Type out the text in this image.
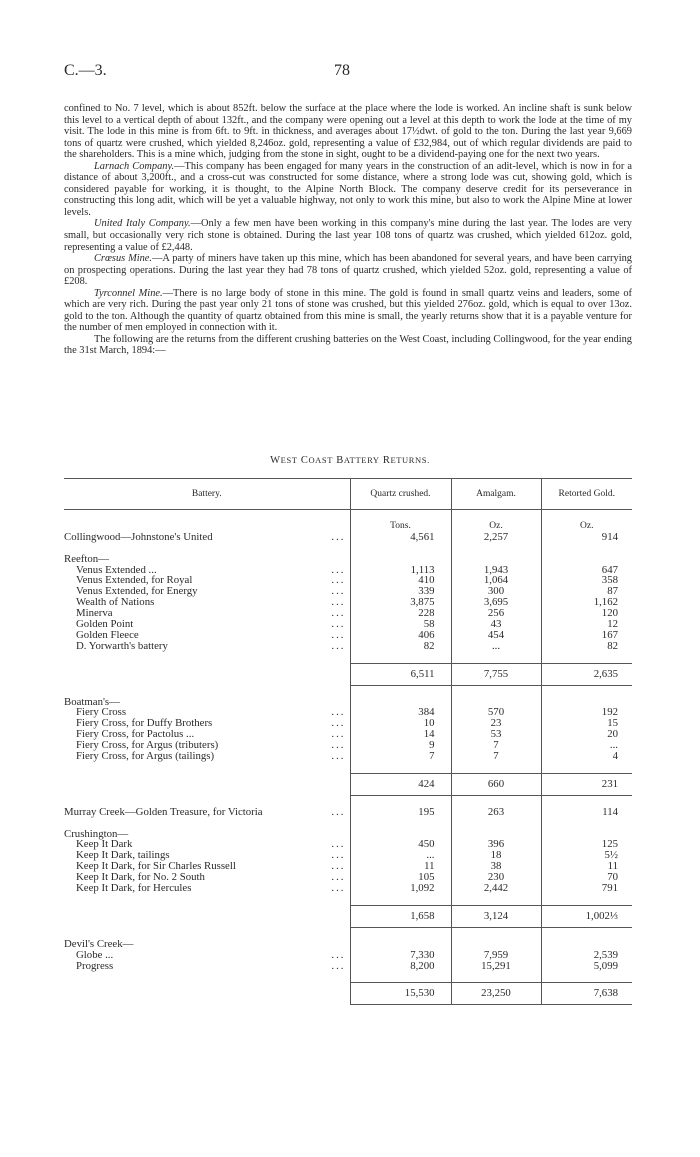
C.—3.	78

confined to No. 7 level, which is about 852ft. below the surface at the place where the lode is worked. An incline shaft is sunk below this level to a vertical depth of about 132ft., and the company were opening out a level at this depth to work the lode at the time of my visit. The lode in this mine is from 6ft. to 9ft. in thickness, and averages about 17½dwt. of gold to the ton. During the last year 9,669 tons of quartz were crushed, which yielded 8,246oz. gold, representing a value of £32,984, out of which regular dividends are paid to the shareholders. This is a mine which, judging from the stone in sight, ought to be a dividend-paying one for the next two years.

Larnach Company.—This company has been engaged for many years in the construction of an adit-level, which is now in for a distance of about 3,200ft., and a cross-cut was constructed for some distance, where a strong lode was cut, showing gold, which is considered payable for working, it is thought, to the Alpine North Block. The company deserve credit for its perseverance in constructing this long adit, which will be yet a valuable highway, not only to work this mine, but also to work the Alpine Mine at lower levels.

United Italy Company.—Only a few men have been working in this company's mine during the last year. The lodes are very small, but occasionally very rich stone is obtained. During the last year 108 tons of quartz was crushed, which yielded 612oz. gold, representing a value of £2,448.

Crœsus Mine.—A party of miners have taken up this mine, which has been abandoned for several years, and have been carrying on prospecting operations. During the last year they had 78 tons of quartz crushed, which yielded 52oz. gold, representing a value of £208.

Tyrconnel Mine.—There is no large body of stone in this mine. The gold is found in small quartz veins and leaders, some of which are very rich. During the past year only 21 tons of stone was crushed, but this yielded 276oz. gold, which is equal to over 13oz. gold to the ton. Although the quantity of quartz obtained from this mine is small, the yearly returns show that it is a payable venture for the number of men employed in connection with it.

The following are the returns from the different crushing batteries on the West Coast, including Collingwood, for the year ending the 31st March, 1894:—

WEST COAST BATTERY RETURNS.
Battery.	Quartz crushed.	Amalgam.	Retorted Gold.

	Tons.	Oz.	Oz.

Collingwood—Johnstone's United ...	4,561	2,257	914

Reefton—			

Venus Extended ... ...	1,113	1,943	647

Venus Extended, for Royal ...	410	1,064	358

Venus Extended, for Energy ...	339	300	87

Wealth of Nations ...	3,875	3,695	1,162

Minerva ...	228	256	120

Golden Point ...	58	43	12

Golden Fleece ...	406	454	167

D. Yorwarth's battery ...	82	...	82

	6,511	7,755	2,635

Boatman's—			

Fiery Cross ...	384	570	192

Fiery Cross, for Duffy Brothers ...	10	23	15

Fiery Cross, for Pactolus ... ...	14	53	20

Fiery Cross, for Argus (tributers) ...	9	7	...

Fiery Cross, for Argus (tailings) ...	7	7	4

	424	660	231

Murray Creek—Golden Treasure, for Victoria ...	195	263	114

Crushington—			

Keep It Dark ...	450	396	125

Keep It Dark, tailings ...	...	18	5½

Keep It Dark, for Sir Charles Russell ...	11	38	11

Keep It Dark, for No. 2 South ...	105	230	70

Keep It Dark, for Hercules ...	1,092	2,442	791

	1,658	3,124	1,002⅓

Devil's Creek—			

Globe ... ...	7,330	7,959	2,539

Progress ...	8,200	15,291	5,099

	15,530	23,250	7,638
